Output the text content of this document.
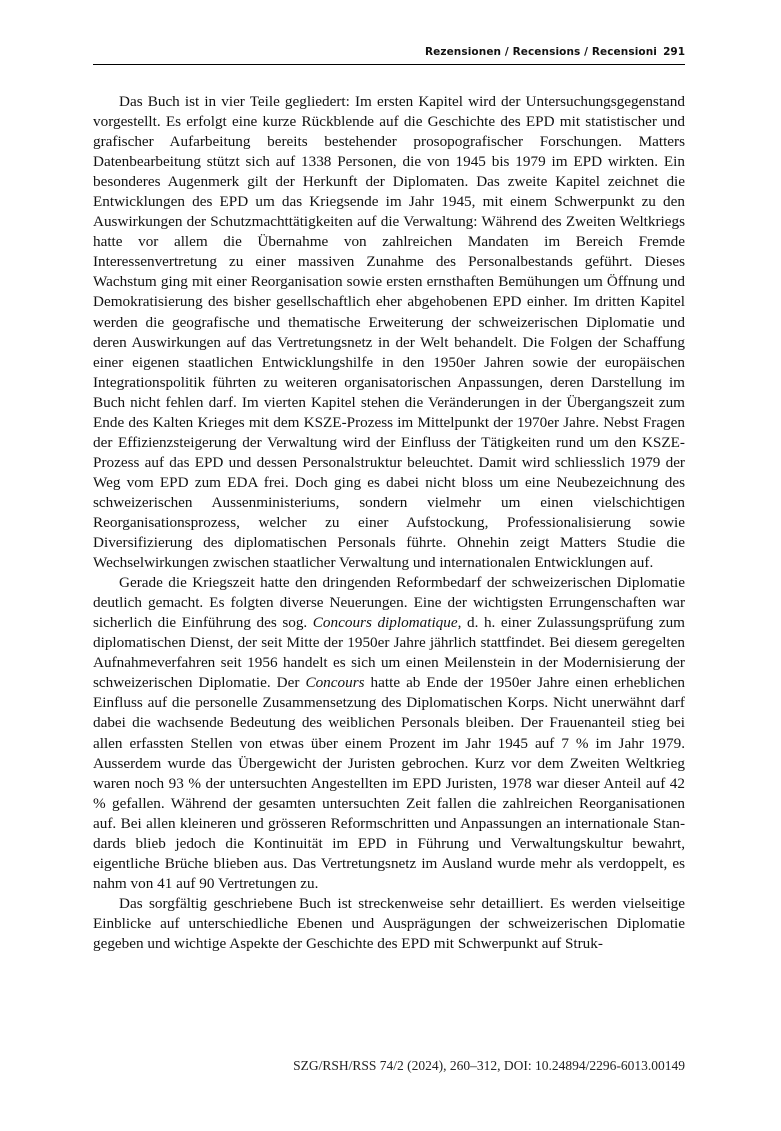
Rezensionen / Recensions / Recensioni 291

Das Buch ist in vier Teile gegliedert: Im ersten Kapitel wird der Untersuchungsgegenstand vorgestellt. Es erfolgt eine kurze Rückblende auf die Geschichte des EPD mit statistischer und grafischer Aufarbeitung bereits bestehender prosopografischer Forschungen. Matters Datenbearbeitung stützt sich auf 1338 Personen, die von 1945 bis 1979 im EPD wirkten. Ein besonderes Augenmerk gilt der Herkunft der Diplomaten. Das zweite Kapitel zeichnet die Entwicklungen des EPD um das Kriegsende im Jahr 1945, mit einem Schwerpunkt zu den Auswirkungen der Schutzmachttätigkeiten auf die Verwaltung: Während des Zweiten Weltkriegs hatte vor allem die Übernahme von zahlreichen Mandaten im Bereich Fremde Interessenvertretung zu einer massiven Zunahme des Personalbestands geführt. Dieses Wachstum ging mit einer Reorganisation sowie ersten ernsthaften Bemühungen um Öffnung und Demokratisierung des bisher gesellschaftlich eher abgehobenen EPD einher. Im dritten Kapitel werden die geografische und thematische Erweiterung der schweizerischen Diplomatie und deren Auswirkungen auf das Vertretungsnetz in der Welt behandelt. Die Folgen der Schaffung einer eigenen staatlichen Entwicklungshilfe in den 1950er Jahren sowie der europäischen Integrationspolitik führten zu weiteren organisatorischen Anpassungen, deren Darstellung im Buch nicht fehlen darf. Im vierten Kapitel stehen die Veränderungen in der Übergangszeit zum Ende des Kalten Krieges mit dem KSZE-Prozess im Mittelpunkt der 1970er Jahre. Nebst Fragen der Effizienzsteigerung der Verwaltung wird der Einfluss der Tätigkeiten rund um den KSZE-Prozess auf das EPD und dessen Personalstruktur beleuchtet. Damit wird schliesslich 1979 der Weg vom EPD zum EDA frei. Doch ging es dabei nicht bloss um eine Neubezeichnung des schweizerischen Aussenministeriums, sondern vielmehr um einen vielschichtigen Reorganisationsprozess, welcher zu einer Aufstockung, Professionalisierung sowie Diversifizierung des diplomatischen Personals führte. Ohnehin zeigt Matters Studie die Wechselwirkungen zwischen staatlicher Verwaltung und internationalen Entwicklungen auf.

Gerade die Kriegszeit hatte den dringenden Reformbedarf der schweizerischen Diplomatie deutlich gemacht. Es folgten diverse Neuerungen. Eine der wichtigsten Errungenschaften war sicherlich die Einführung des sog. Concours diplomatique, d. h. einer Zulassungsprüfung zum diplomatischen Dienst, der seit Mitte der 1950er Jahre jährlich stattfindet. Bei diesem geregelten Aufnahmeverfahren seit 1956 handelt es sich um einen Meilenstein in der Modernisierung der schweizerischen Diplomatie. Der Concours hatte ab Ende der 1950er Jahre einen erheblichen Einfluss auf die personelle Zusammensetzung des Diplomatischen Korps. Nicht unerwähnt darf dabei die wachsende Bedeutung des weiblichen Personals bleiben. Der Frauenanteil stieg bei allen erfassten Stellen von etwas über einem Prozent im Jahr 1945 auf 7 % im Jahr 1979. Ausserdem wurde das Übergewicht der Juristen gebrochen. Kurz vor dem Zweiten Weltkrieg waren noch 93 % der untersuchten Angestellten im EPD Juristen, 1978 war dieser Anteil auf 42 % gefallen. Während der gesamten untersuchten Zeit fallen die zahlreichen Reorganisationen auf. Bei allen kleineren und grösseren Reformschritten und Anpassungen an internationale Standards blieb jedoch die Kontinuität im EPD in Führung und Verwaltungskultur bewahrt, eigentliche Brüche blieben aus. Das Vertretungsnetz im Ausland wurde mehr als verdoppelt, es nahm von 41 auf 90 Vertretungen zu.

Das sorgfältig geschriebene Buch ist streckenweise sehr detailliert. Es werden vielseitige Einblicke auf unterschiedliche Ebenen und Ausprägungen der schweizerischen Diplomatie gegeben und wichtige Aspekte der Geschichte des EPD mit Schwerpunkt auf Struk-

SZG/RSH/RSS 74/2 (2024), 260–312, DOI: 10.24894/2296-6013.00149
